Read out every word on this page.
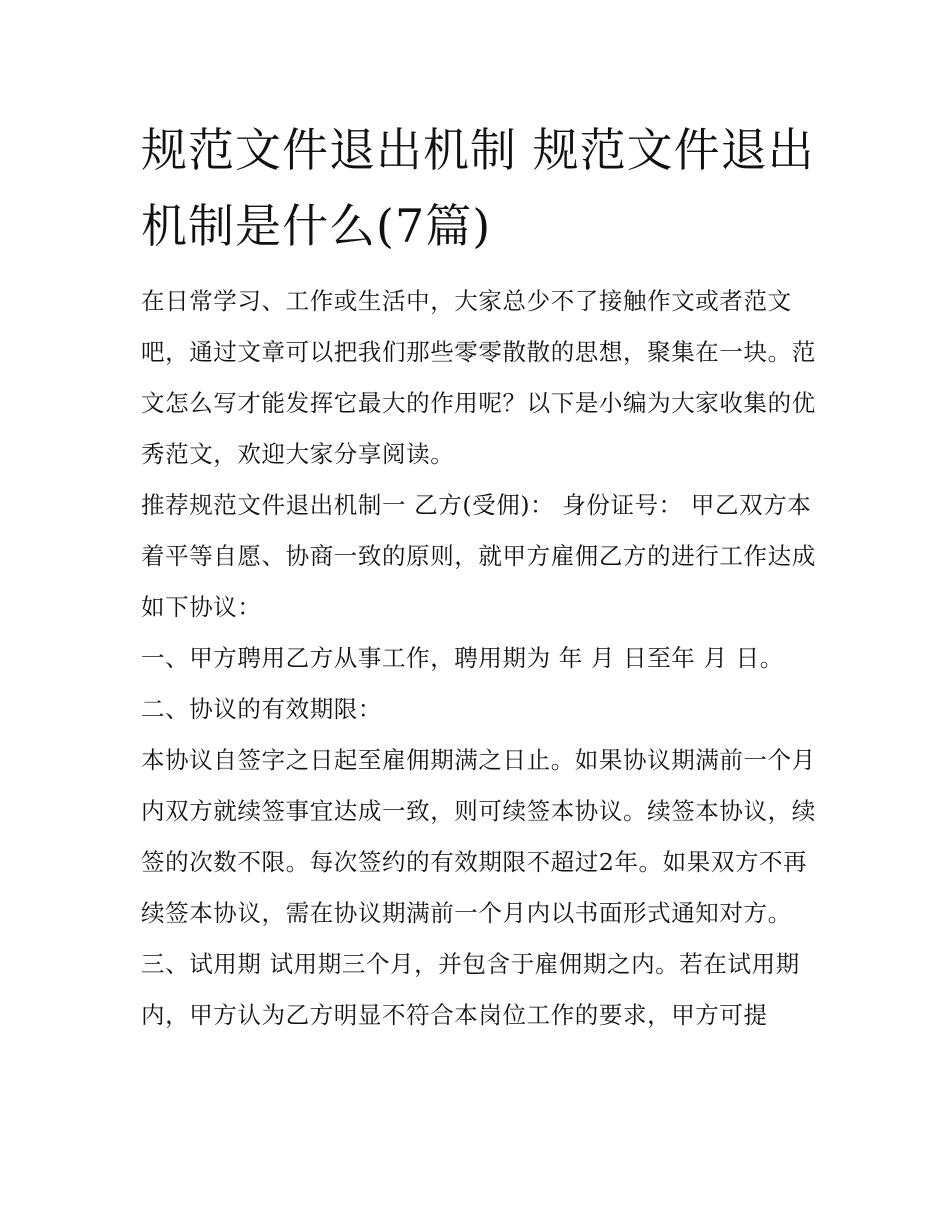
规范文件退出机制 规范文件退出机制是什么(7篇)

在日常学习、工作或生活中，大家总少不了接触作文或者范文吧，通过文章可以把我们那些零零散散的思想，聚集在一块。范文怎么写才能发挥它最大的作用呢？以下是小编为大家收集的优秀范文，欢迎大家分享阅读。

推荐规范文件退出机制一 乙方(受佣)： 身份证号： 甲乙双方本着平等自愿、协商一致的原则，就甲方雇佣乙方的进行工作达成如下协议：

一、甲方聘用乙方从事工作，聘用期为 年 月 日至年 月 日。

二、协议的有效期限：

本协议自签字之日起至雇佣期满之日止。如果协议期满前一个月内双方就续签事宜达成一致，则可续签本协议。续签本协议，续签的次数不限。每次签约的有效期限不超过2年。如果双方不再续签本协议，需在协议期满前一个月内以书面形式通知对方。

三、试用期 试用期三个月，并包含于雇佣期之内。若在试用期内，甲方认为乙方明显不符合本岗位工作的要求，甲方可提
